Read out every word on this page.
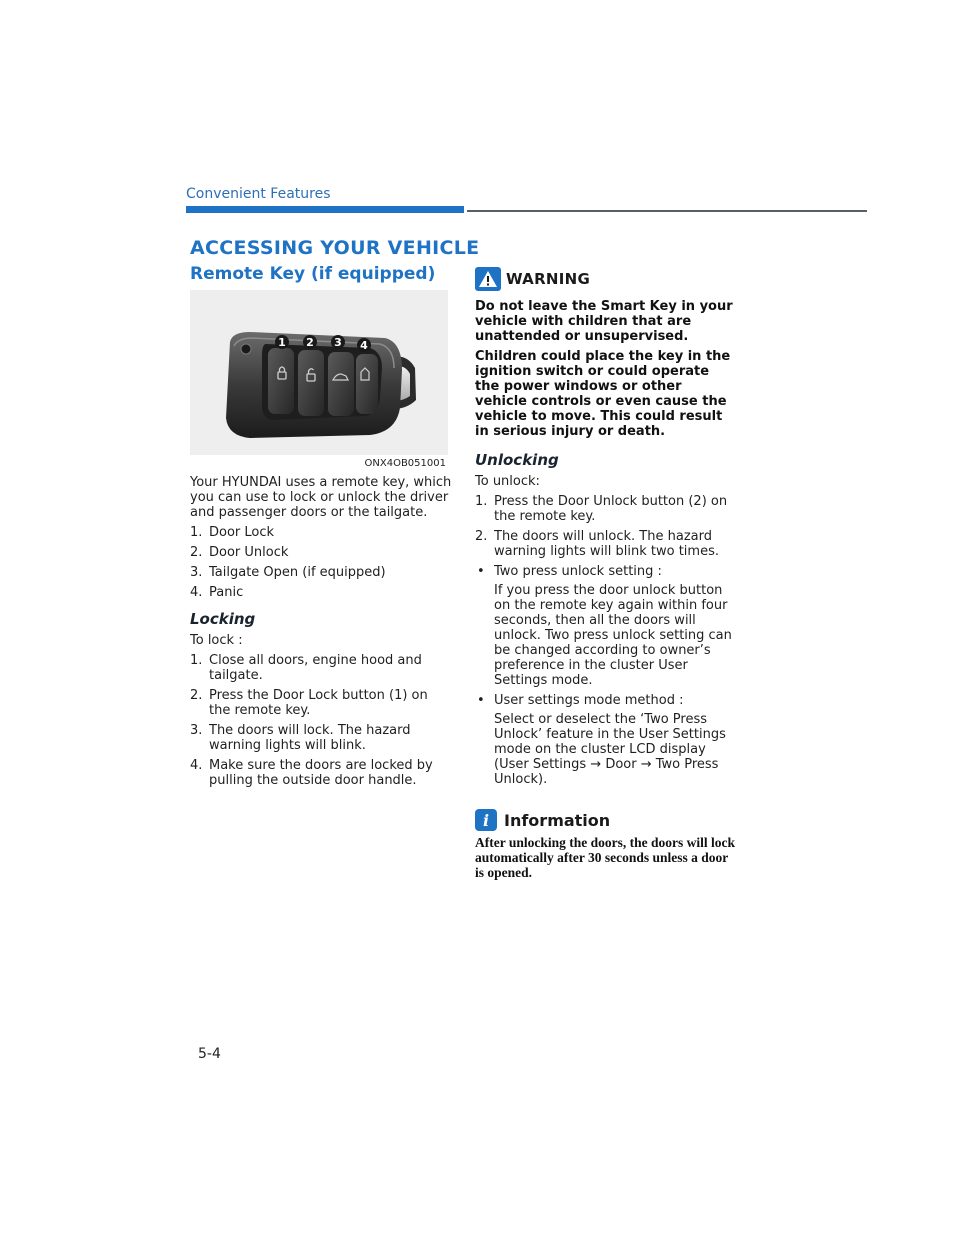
Convenient Features
ACCESSING YOUR VEHICLE
Remote Key (if equipped)
1 2 3 4
ONX4OB051001

Your HYUNDAI uses a remote key, which you can use to lock or unlock the driver and passenger doors or the tailgate.

1. Door Lock
2. Door Unlock
3. Tailgate Open (if equipped)
4. Panic
Locking

To lock :

1. Close all doors, engine hood and tailgate.
2. Press the Door Lock button (1) on the remote key.
3. The doors will lock. The hazard warning lights will blink.
4. Make sure the doors are locked by pulling the outside door handle.
WARNING

Do not leave the Smart Key in your vehicle with children that are unattended or unsupervised.

Children could place the key in the ignition switch or could operate the power windows or other vehicle controls or even cause the vehicle to move. This could result in serious injury or death.

Unlocking

To unlock:

1. Press the Door Unlock button (2) on the remote key.
2. The doors will unlock. The hazard warning lights will blink two times.
• Two press unlock setting :

If you press the door unlock button on the remote key again within four seconds, then all the doors will unlock. Two press unlock setting can be changed according to owner’s preference in the cluster User Settings mode.

• User settings mode method :

Select or deselect the ‘Two Press Unlock’ feature in the User Settings mode on the cluster LCD display (User Settings → Door → Two Press Unlock).

i Information

After unlocking the doors, the doors will lock automatically after 30 seconds unless a door is opened.

5-4
